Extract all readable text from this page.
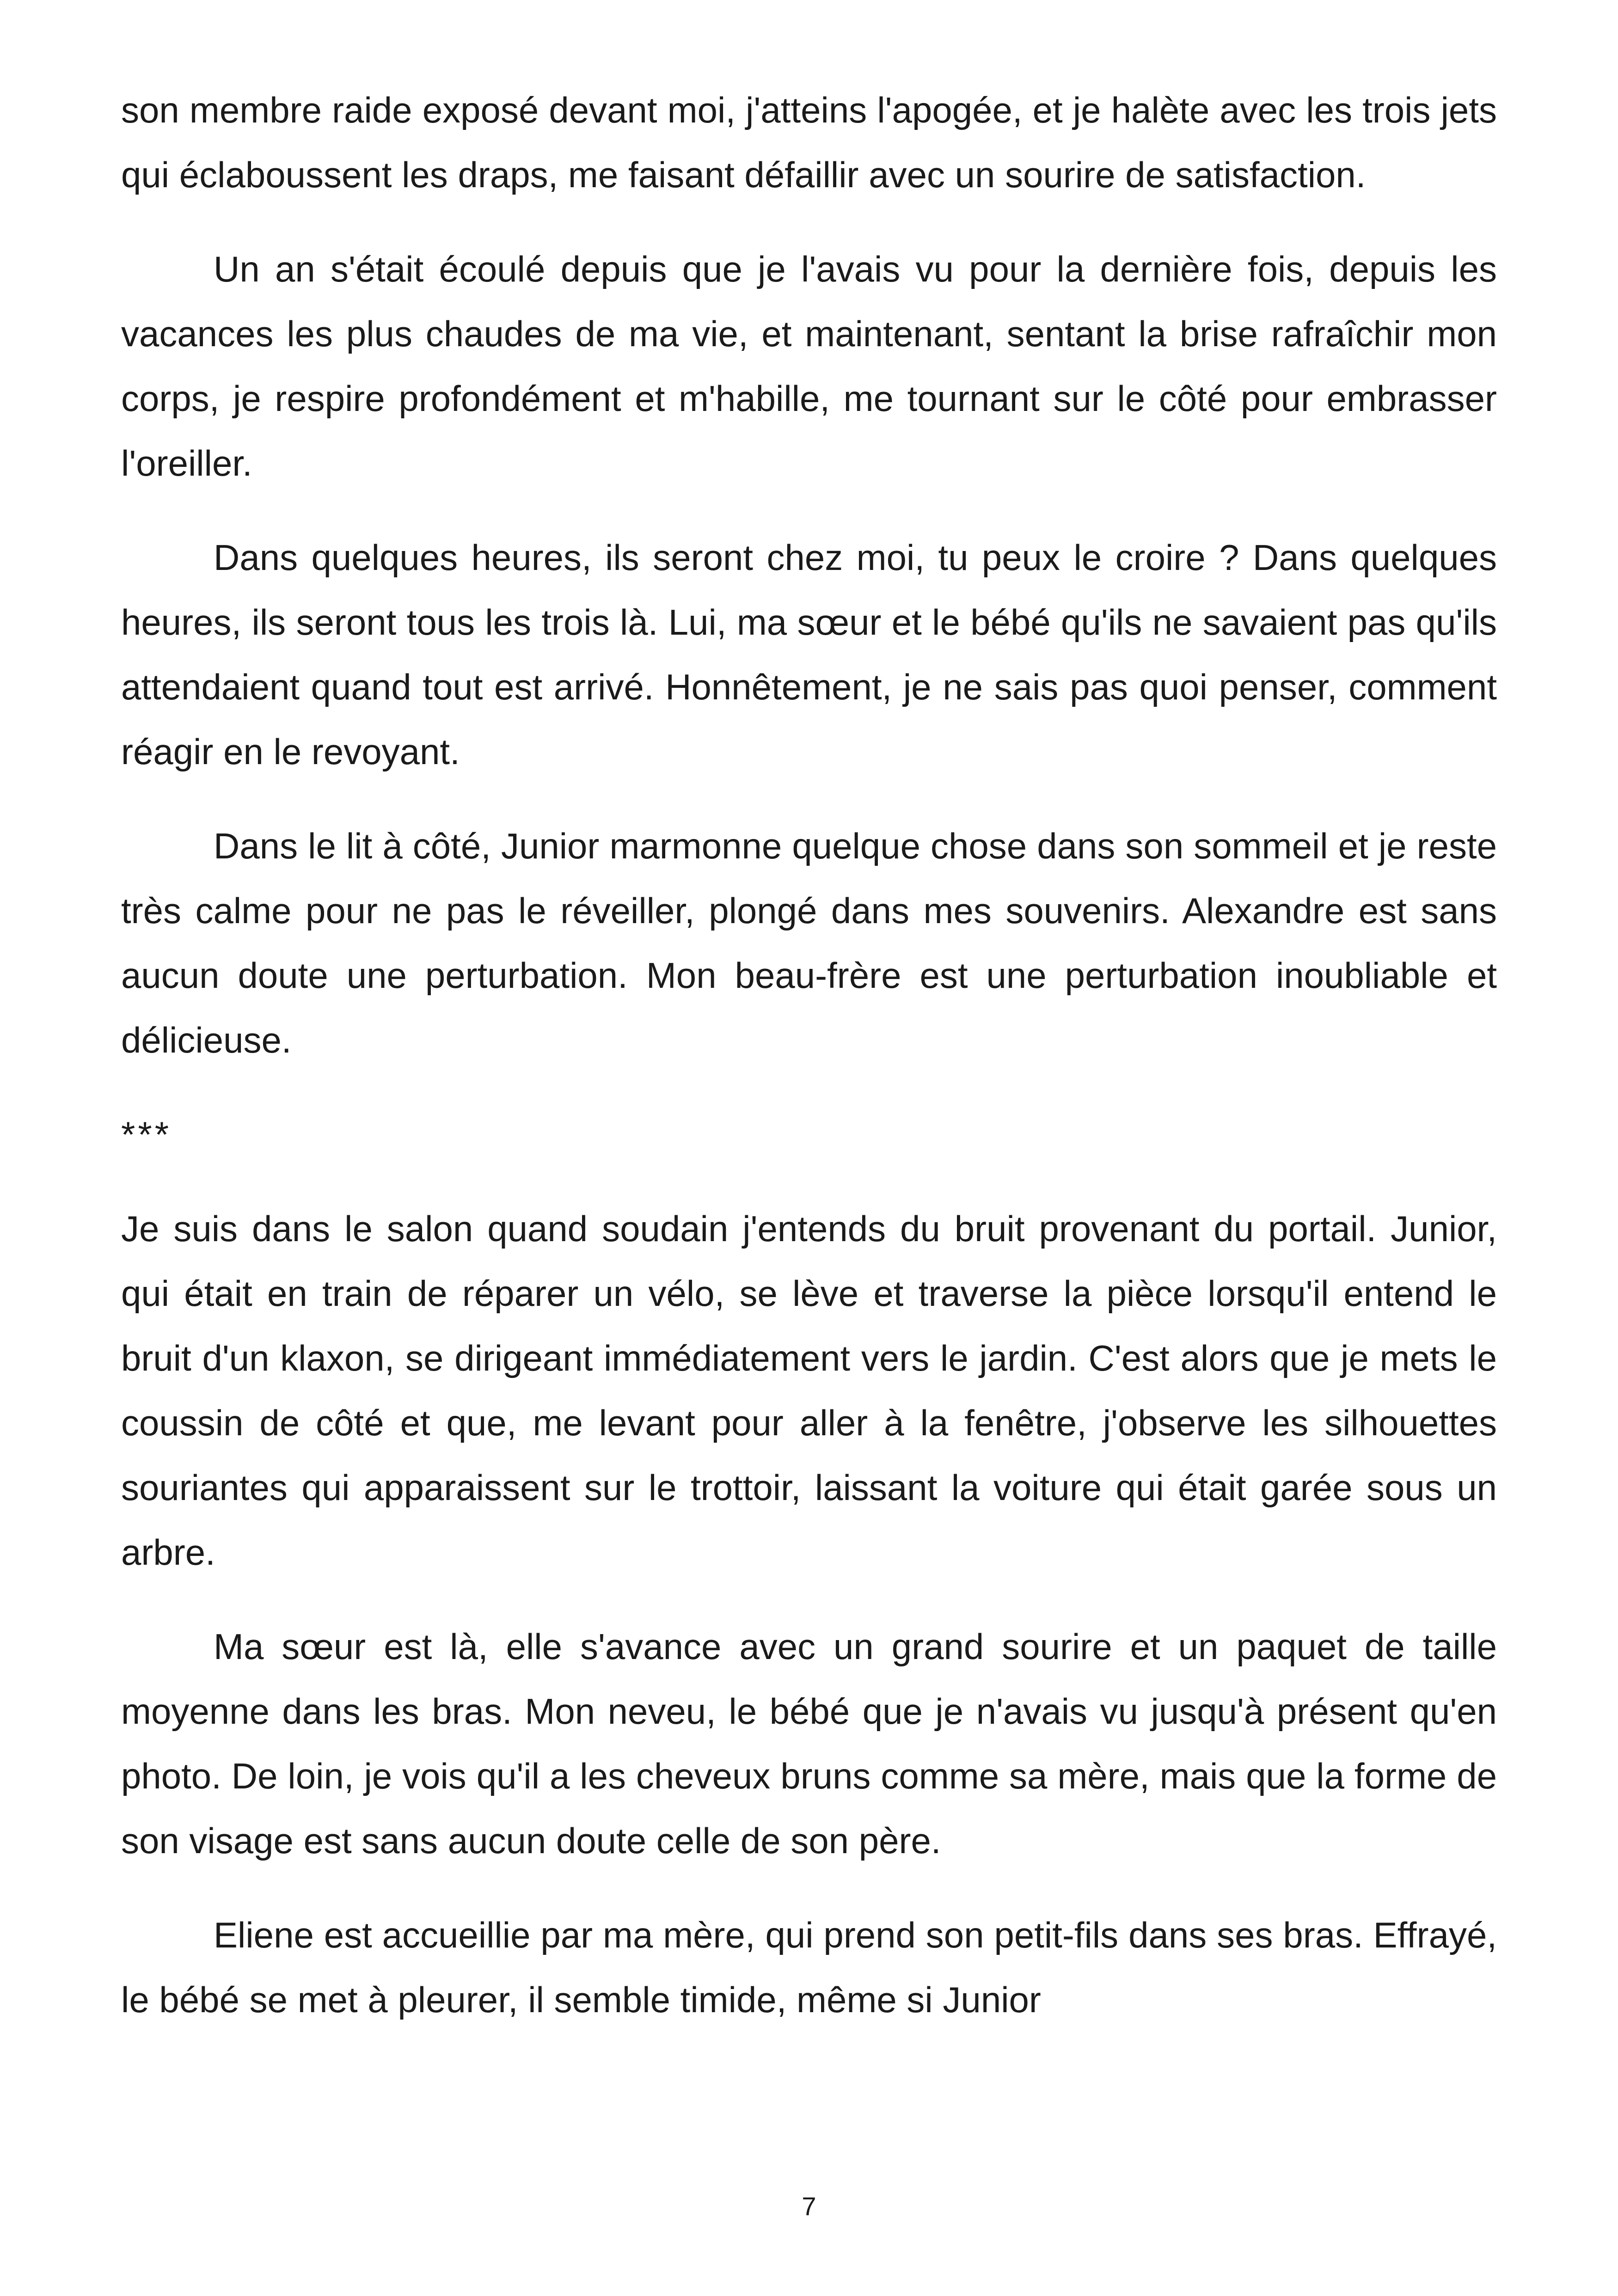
son membre raide exposé devant moi, j'atteins l'apogée, et je halète avec les trois jets qui éclaboussent les draps, me faisant défaillir avec un sourire de satisfaction.

Un an s'était écoulé depuis que je l'avais vu pour la dernière fois, depuis les vacances les plus chaudes de ma vie, et maintenant, sentant la brise rafraîchir mon corps, je respire profondément et m'habille, me tournant sur le côté pour embrasser l'oreiller.

Dans quelques heures, ils seront chez moi, tu peux le croire ? Dans quelques heures, ils seront tous les trois là. Lui, ma sœur et le bébé qu'ils ne savaient pas qu'ils attendaient quand tout est arrivé. Honnêtement, je ne sais pas quoi penser, comment réagir en le revoyant.

Dans le lit à côté, Junior marmonne quelque chose dans son sommeil et je reste très calme pour ne pas le réveiller, plongé dans mes souvenirs. Alexandre est sans aucun doute une perturbation. Mon beau-frère est une perturbation inoubliable et délicieuse.

***

Je suis dans le salon quand soudain j'entends du bruit provenant du portail. Junior, qui était en train de réparer un vélo, se lève et traverse la pièce lorsqu'il entend le bruit d'un klaxon, se dirigeant immédiatement vers le jardin. C'est alors que je mets le coussin de côté et que, me levant pour aller à la fenêtre, j'observe les silhouettes souriantes qui apparaissent sur le trottoir, laissant la voiture qui était garée sous un arbre.

Ma sœur est là, elle s'avance avec un grand sourire et un paquet de taille moyenne dans les bras. Mon neveu, le bébé que je n'avais vu jusqu'à présent qu'en photo. De loin, je vois qu'il a les cheveux bruns comme sa mère, mais que la forme de son visage est sans aucun doute celle de son père.

Eliene est accueillie par ma mère, qui prend son petit-fils dans ses bras. Effrayé, le bébé se met à pleurer, il semble timide, même si Junior

7
